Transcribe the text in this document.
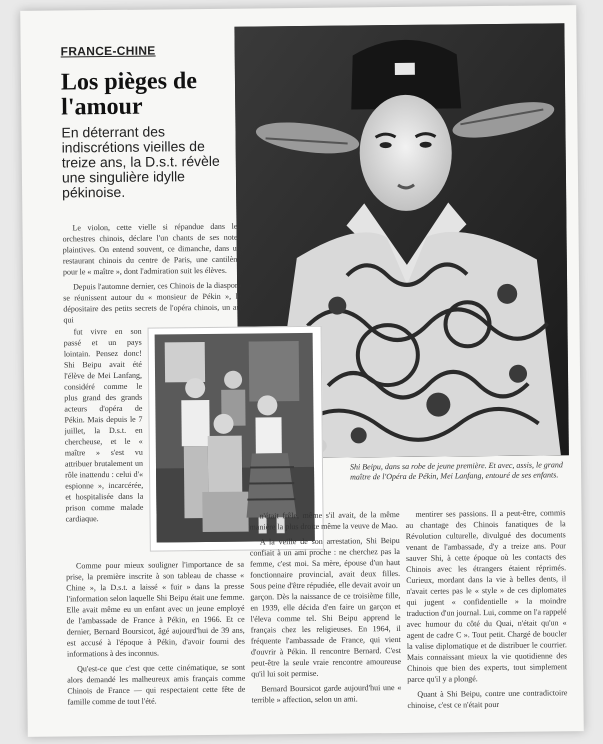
FRANCE-CHINE
Los pièges de l'amour
En déterrant des indiscrétions vieilles de treize ans, la D.s.t. révèle une singulière idylle pékinoise.

Le violon, cette vielle si répandue dans les orchestres chinois, déclare l'un chants de ses notes plaintives. On entend souvent, ce dimanche, dans un restaurant chinois du centre de Paris, une cantilène pour le « maître », dont l'admiration suit les élèves.

Depuis l'automne dernier, ces Chinois de la diaspora se réunissent autour du « monsieur de Pékin », le dépositaire des petits secrets de l'opéra chinois, un art qui

fut vivre en son passé et un pays lointain. Pensez donc! Shi Beipu avait été l'élève de Mei Lanfang, considéré comme le plus grand des grands acteurs d'opéra de Pékin. Mais depuis le 7 juillet, la D.s.t. en chercheuse, et le « maître » s'est vu attribuer brutalement un rôle inattendu : celui d'« espionne », incarcérée, et hospitalisée dans la prison comme malade cardiaque.

Comme pour mieux souligner l'importance de sa prise, la première inscrite à son tableau de chasse « Chine », la D.s.t. a laissé « fuir » dans la presse l'information selon laquelle Shi Beipu était une femme. Elle avait même eu un enfant avec un jeune employé de l'ambassade de France à Pékin, en 1966. Et ce dernier, Bernard Boursicot, âgé aujourd'hui de 39 ans, est accusé à l'époque à Pékin, d'avoir fourni des informations à des inconnus.

Qu'est-ce que c'est que cette cinématique, se sont alors demandé les malheureux amis français comme Chinois de France — qui respectaient cette fête de famille comme de tout l'été.

Shi Beipu, dans sa robe de jeune première. Et avec, assis, le grand maître de l'Opéra de Pékin, Mei Lanfang, entouré de ses enfants.

n'était frêle, même s'il avait, de la même manière la plus droite même la veuve de Mao.

A la veille de son arrestation, Shi Beipu confiait à un ami proche : ne cherchez pas la femme, c'est moi. Sa mère, épouse d'un haut fonctionnaire provincial, avait deux filles. Sous peine d'être répudiée, elle devait avoir un garçon. Dès la naissance de ce troisième fille, en 1939, elle décida d'en faire un garçon et l'éleva comme tel. Shi Beipu apprend le français chez les religieuses. En 1964, il fréquente l'ambassade de France, qui vient d'ouvrir à Pékin. Il rencontre Bernard. C'est peut-être la seule vraie rencontre amoureuse qu'il lui soit permise.

Bernard Boursicot garde aujourd'hui une « terrible » affection, selon un ami.

mentirer ses passions. Il a peut-être, commis au chantage des Chinois fanatiques de la Révolution culturelle, divulgué des documents venant de l'ambassade, d'y a treize ans. Pour sauver Shi, à cette époque où les contacts des Chinois avec les étrangers étaient réprimés. Curieux, mordant dans la vie à belles dents, il n'avait certes pas le « style » de ces diplomates qui jugent « confidentielle » la moindre traduction d'un journal. Lui, comme on l'a rappelé avec humour du côté du Quai, n'était qu'un « agent de cadre C ». Tout petit. Chargé de boucler la valise diplomatique et de distribuer le courrier. Mais connaissant mieux la vie quotidienne des Chinois que bien des experts, tout simplement parce qu'il y a plongé.

Quant à Shi Beipu, contre une contradictoire chinoise, c'est ce n'était pour
